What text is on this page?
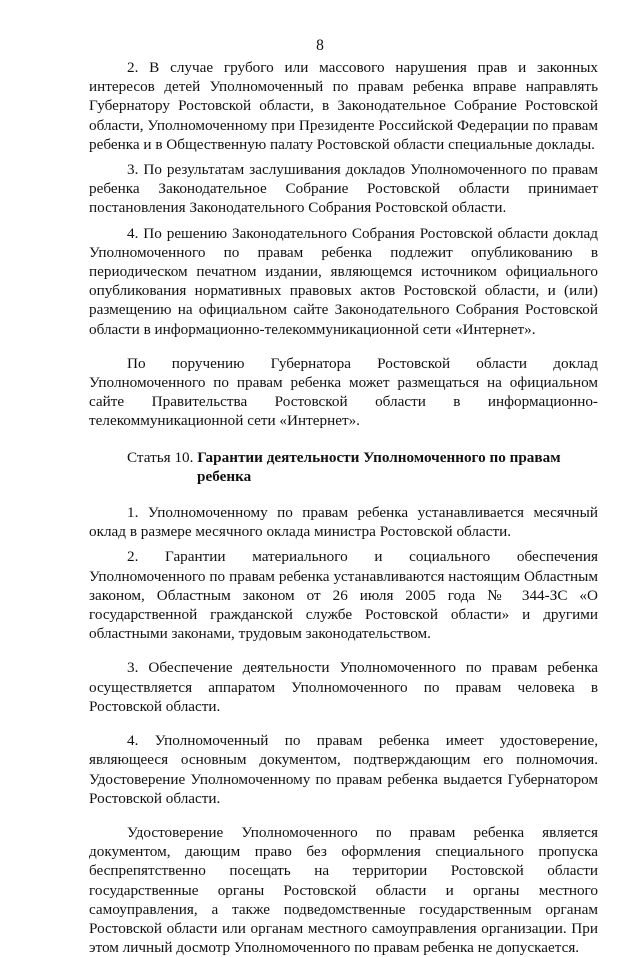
8

2. В случае грубого или массового нарушения прав и законных интересов детей Уполномоченный по правам ребенка вправе направлять Губернатору Ростовской области, в Законодательное Собрание Ростовской области, Уполномоченному при Президенте Российской Федерации по правам ребенка и в Общественную палату Ростовской области специальные доклады.

3. По результатам заслушивания докладов Уполномоченного по правам ребенка Законодательное Собрание Ростовской области принимает постановления Законодательного Собрания Ростовской области.

4. По решению Законодательного Собрания Ростовской области доклад Уполномоченного по правам ребенка подлежит опубликованию в периодическом печатном издании, являющемся источником официального опубликования нормативных правовых актов Ростовской области, и (или) размещению на официальном сайте Законодательного Собрания Ростовской области в информационно-телекоммуникационной сети «Интернет».

По поручению Губернатора Ростовской области доклад Уполномоченного по правам ребенка может размещаться на официальном сайте Правительства Ростовской области в информационно-телекоммуникационной сети «Интернет».

Статья 10.
Гарантии деятельности Уполномоченного по правам
ребенка

1. Уполномоченному по правам ребенка устанавливается месячный оклад в размере месячного оклада министра Ростовской области.

2. Гарантии материального и социального обеспечения Уполномоченного по правам ребенка устанавливаются настоящим Областным законом, Областным законом от 26 июля 2005 года № 344-ЗС «О государственной гражданской службе Ростовской области» и другими областными законами, трудовым законодательством.

3. Обеспечение деятельности Уполномоченного по правам ребенка осуществляется аппаратом Уполномоченного по правам человека в Ростовской области.

4. Уполномоченный по правам ребенка имеет удостоверение, являющееся основным документом, подтверждающим его полномочия. Удостоверение Уполномоченному по правам ребенка выдается Губернатором Ростовской области.

Удостоверение Уполномоченного по правам ребенка является документом, дающим право без оформления специального пропуска беспрепятственно посещать на территории Ростовской области государственные органы Ростовской области и органы местного самоуправления, а также подведомственные государственным органам Ростовской области или органам местного самоуправления организации. При этом личный досмотр Уполномоченного по правам ребенка не допускается.
